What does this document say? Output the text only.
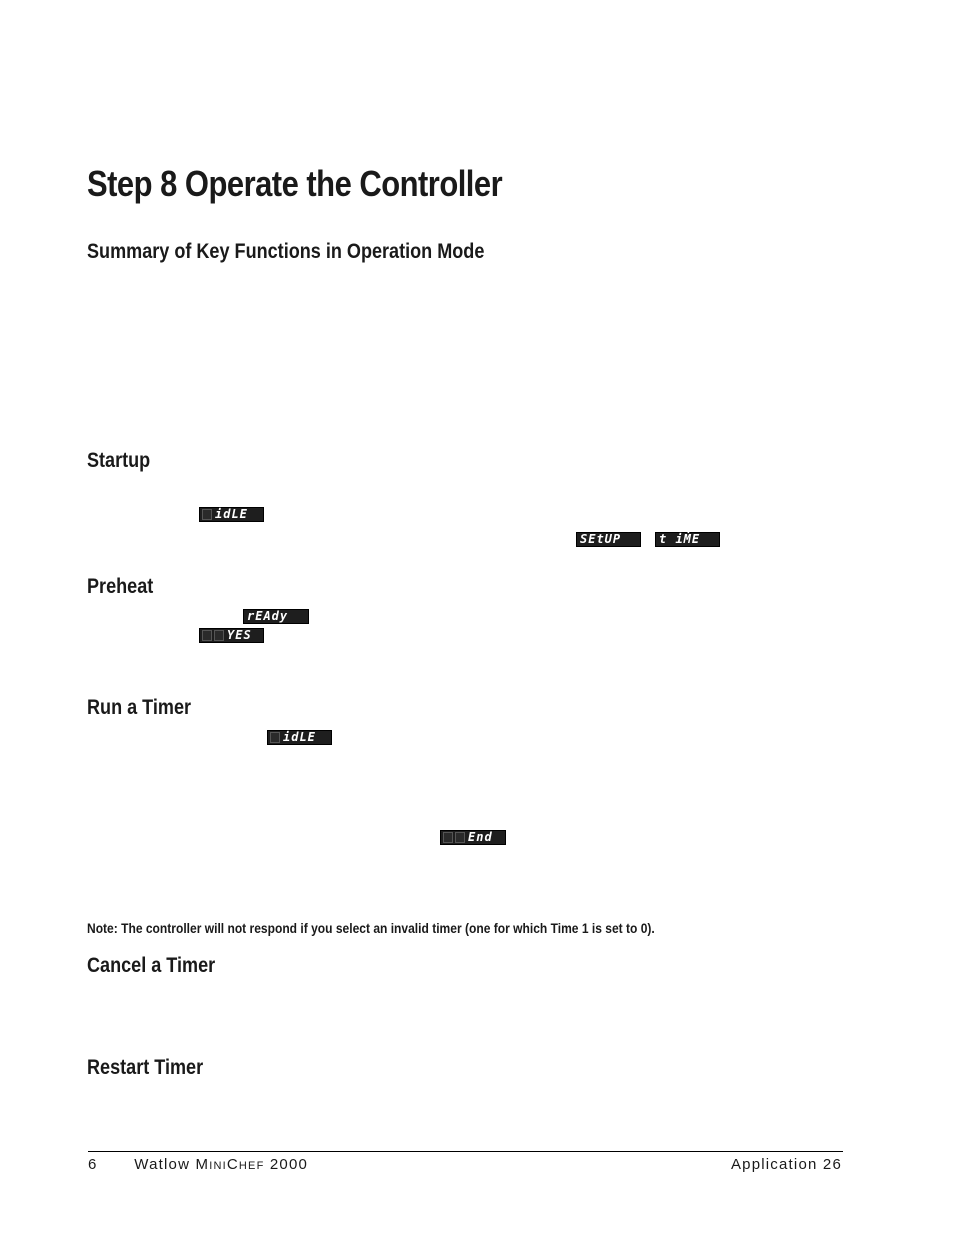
Step 8 Operate the Controller
Summary of Key Functions in Operation Mode
Startup
idLE
SEtUP	t iṀE
Preheat
rEAdy
YES
Run a Timer
idLE
End
Note: The controller will not respond if you select an invalid timer (one for which Time 1 is set to 0).
Cancel a Timer
Restart Timer
6 Watlow MINICHEF 2000	Application 26
